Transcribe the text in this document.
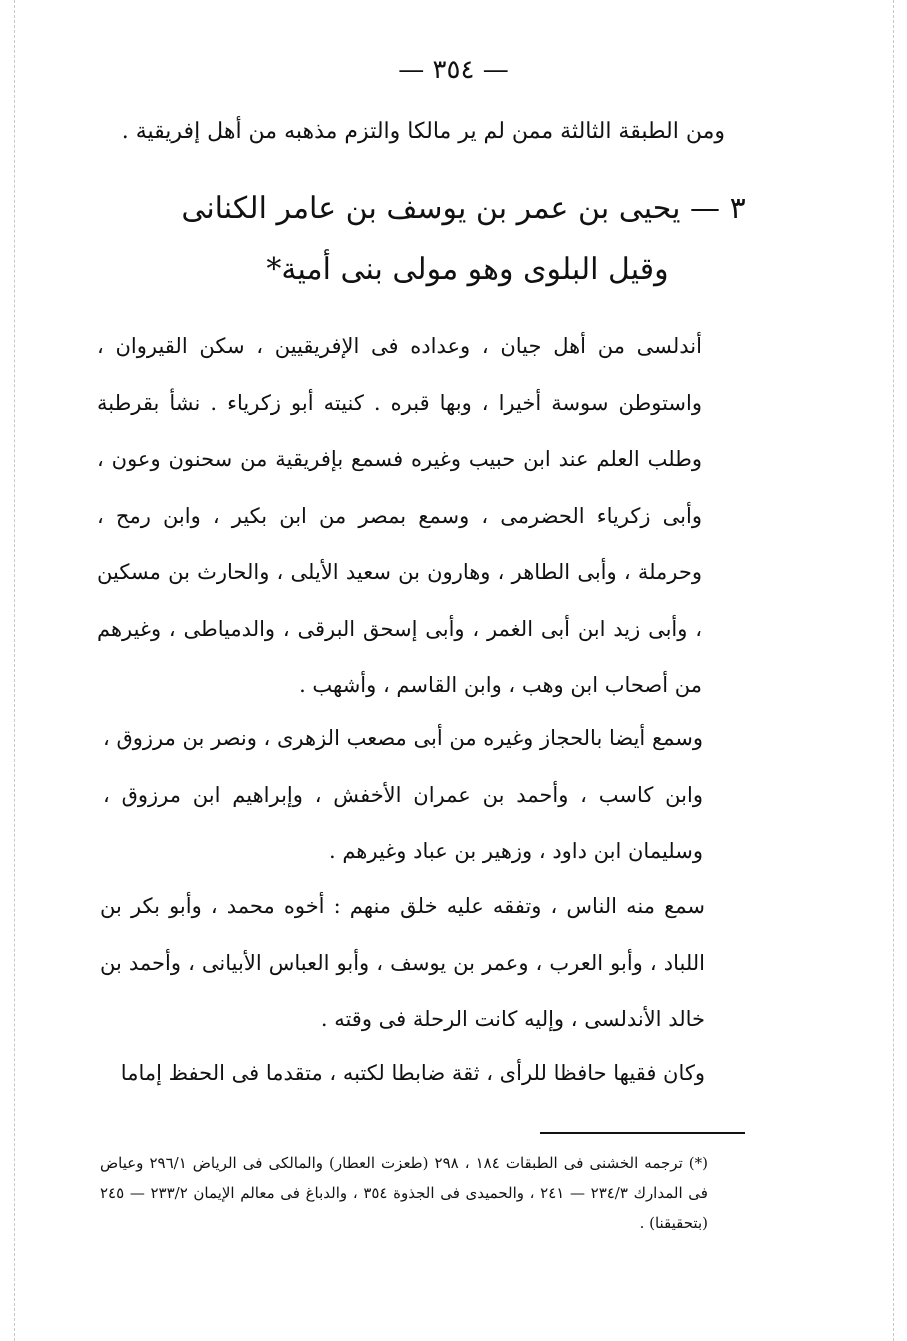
— ٣٥٤ —
ومن الطبقة الثالثة ممن لم ير مالكا والتزم مذهبه من أهل إفريقية .
٣ — يحيى بن عمر بن يوسف بن عامر الكنانى
وقيل البلوى وهو مولى بنى أمية*

أندلسى من أهل جيان ، وعداده فى الإفريقيين ، سكن القيروان ، واستوطن سوسة أخيرا ، وبها قبره . كنيته أبو زكرياء . نشأ بقرطبة وطلب العلم عند ابن حبيب وغيره فسمع بإفريقية من سحنون وعون ، وأبى زكرياء الحضرمى ، وسمع بمصر من ابن بكير ، وابن رمح ، وحرملة ، وأبى الطاهر ، وهارون بن سعيد الأيلى ، والحارث بن مسكين ، وأبى زيد ابن أبى الغمر ، وأبى إسحق البرقى ، والدمياطى ، وغيرهم من أصحاب ابن وهب ، وابن القاسم ، وأشهب .

وسمع أيضا بالحجاز وغيره من أبى مصعب الزهرى ، ونصر بن مرزوق ، وابن كاسب ، وأحمد بن عمران الأخفش ، وإبراهيم ابن مرزوق ، وسليمان ابن داود ، وزهير بن عباد وغيرهم .

سمع منه الناس ، وتفقه عليه خلق منهم : أخوه محمد ، وأبو بكر بن اللباد ، وأبو العرب ، وعمر بن يوسف ، وأبو العباس الأبيانى ، وأحمد بن خالد الأندلسى ، وإليه كانت الرحلة فى وقته .

وكان فقيها حافظا للرأى ، ثقة ضابطا لكتبه ، متقدما فى الحفظ إماما

(*) ترجمه الخشنى فى الطبقات ١٨٤ ، ٢٩٨ (طعزت العطار) والمالكى فى الرياض ٢٩٦/١ وعياض فى المدارك ٢٣٤/٣ — ٢٤١ ، والحميدى فى الجذوة ٣٥٤ ، والدباغ فى معالم الإيمان ٢٣٣/٢ — ٢٤٥ (بتحقيقنا) .
